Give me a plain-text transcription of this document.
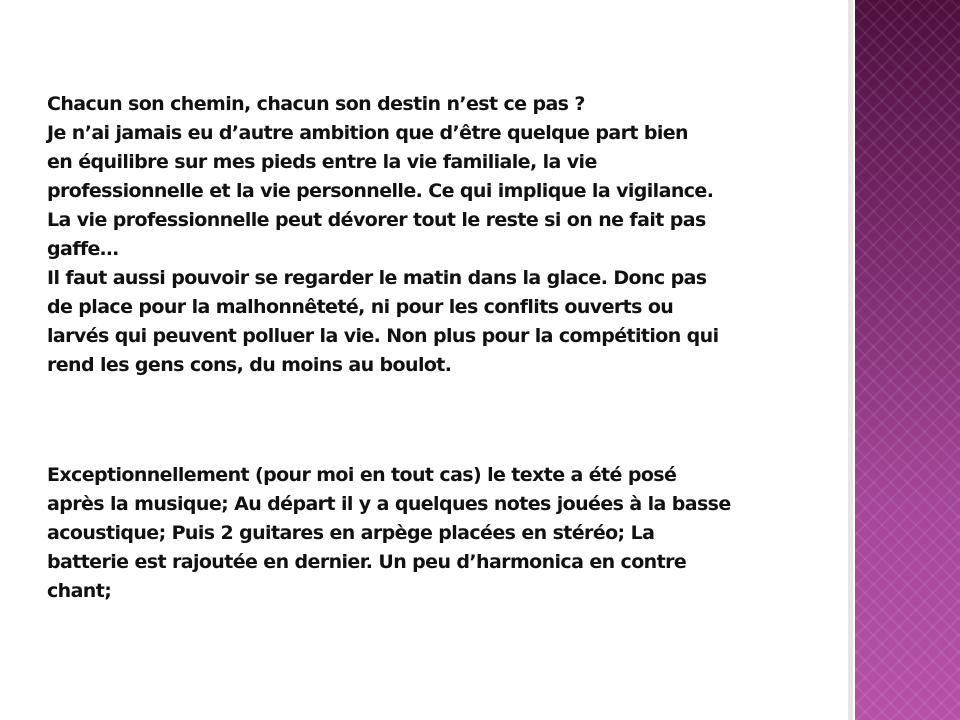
Chacun son chemin, chacun son destin n’est ce pas ?
Je n’ai jamais eu d’autre ambition que d’être quelque part bien
en équilibre sur mes pieds entre la vie familiale, la vie
professionnelle et la vie personnelle. Ce qui implique la vigilance.
La vie professionnelle peut dévorer tout le reste si on ne fait pas
gaffe…
Il faut aussi pouvoir se regarder le matin dans la glace. Donc pas
de place pour la malhonnêteté, ni pour les conflits ouverts ou
larvés qui peuvent polluer la vie. Non plus pour la compétition qui
rend les gens cons, du moins au boulot.

Exceptionnellement (pour moi en tout cas) le texte a été posé
après la musique; Au départ il y a quelques notes jouées à la basse
acoustique; Puis 2 guitares en arpège placées en stéréo; La
batterie est rajoutée en dernier. Un peu d’harmonica en contre
chant;
